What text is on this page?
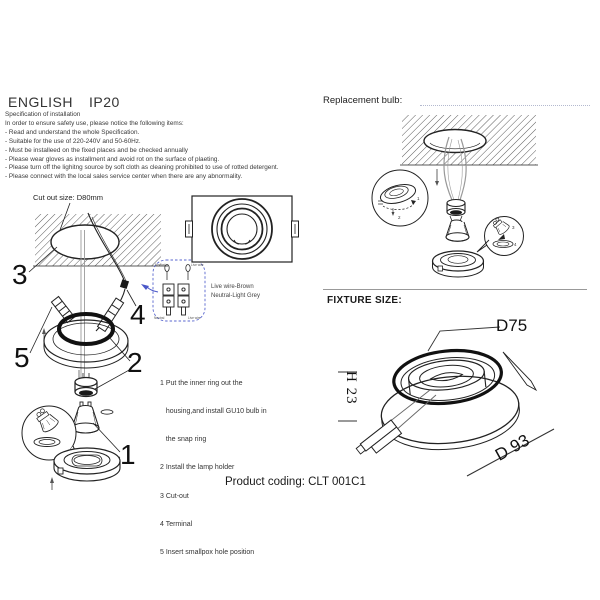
ENGLISH IP20
Specification of installation
In order to ensure safety use, please notice the following items:
- Read and understand the whole Specification.
- Suitable for the use of 220-240V and 50-60Hz.
- Must be installeed on the fixed places and be checked annually
- Please wear gloves as installment and avoid rot on the surface of plaeting.
- Please turn off the lighitng source by soft cloth as cleaning prohibited to use of rotted detergent.
- Please connect with the local sales service center when there are any abnormality.
Cut out size: D80mm
Neutral	Live wire
Neutral	Live wire
3
5
4
2
1
Live wire-Brown
Neutral-Light Grey

1 Put the inner ring out the

housing,and install GU10 bulb in

the snap ring

2 Install the lamp holder

3 Cut-out

4 Terminal

5 Insert smallpox hole position

Replacement bulb:
1
2
3
4
FIXTURE SIZE:
D75
H 23
D 93
Product coding: CLT 001C1
